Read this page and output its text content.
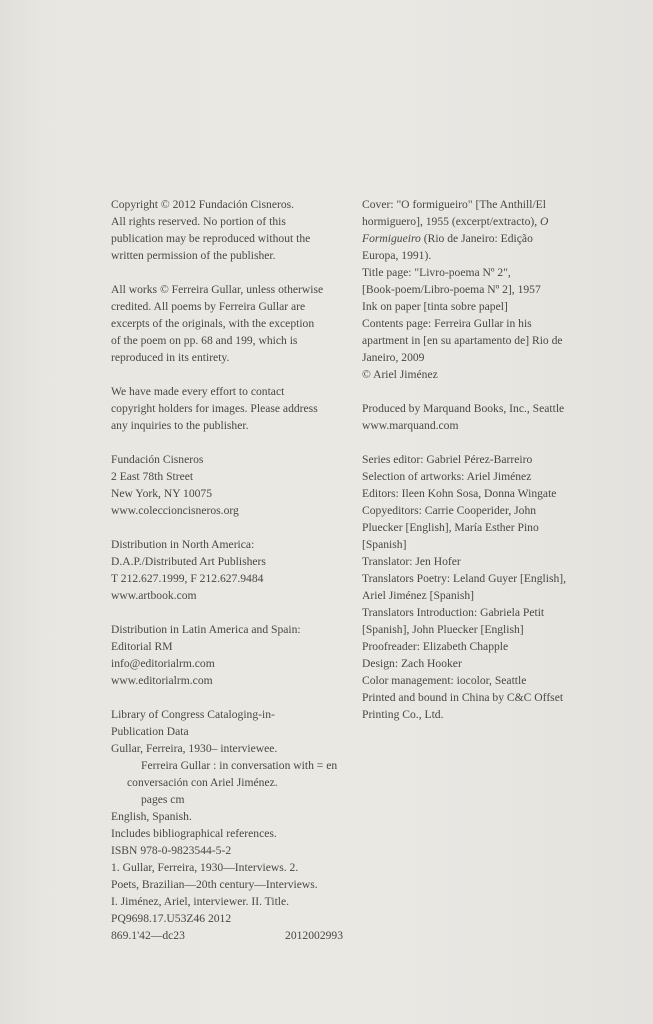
Copyright © 2012 Fundación Cisneros.
All rights reserved. No portion of this
publication may be reproduced without the
written permission of the publisher.
All works © Ferreira Gullar, unless otherwise
credited. All poems by Ferreira Gullar are
excerpts of the originals, with the exception
of the poem on pp. 68 and 199, which is
reproduced in its entirety.
We have made every effort to contact
copyright holders for images. Please address
any inquiries to the publisher.
Fundación Cisneros
2 East 78th Street
New York, NY 10075
www.coleccioncisneros.org
Distribution in North America:
D.A.P./Distributed Art Publishers
T 212.627.1999, F 212.627.9484
www.artbook.com
Distribution in Latin America and Spain:
Editorial RM
info@editorialrm.com
www.editorialrm.com
Library of Congress Cataloging-in-
Publication Data
Gullar, Ferreira, 1930– interviewee.
Ferreira Gullar : in conversation with = en
conversación con Ariel Jiménez.
pages cm
English, Spanish.
Includes bibliographical references.
ISBN 978-0-9823544-5-2
1. Gullar, Ferreira, 1930—Interviews. 2.
Poets, Brazilian—20th century—Interviews.
I. Jiménez, Ariel, interviewer. II. Title.
PQ9698.17.U53Z46 2012
869.1'42—dc23	2012002993
Cover: "O formigueiro" [The Anthill/El
hormiguero], 1955 (excerpt/extracto), O
Formigueiro (Rio de Janeiro: Edição
Europa, 1991).
Title page: "Livro-poema Nº 2",
[Book-poem/Libro-poema Nº 2], 1957
Ink on paper [tinta sobre papel]
Contents page: Ferreira Gullar in his
apartment in [en su apartamento de] Rio de
Janeiro, 2009
© Ariel Jiménez
Produced by Marquand Books, Inc., Seattle
www.marquand.com
Series editor: Gabriel Pérez-Barreiro
Selection of artworks: Ariel Jiménez
Editors: Ileen Kohn Sosa, Donna Wingate
Copyeditors: Carrie Cooperider, John
Pluecker [English], María Esther Pino
[Spanish]
Translator: Jen Hofer
Translators Poetry: Leland Guyer [English],
Ariel Jiménez [Spanish]
Translators Introduction: Gabriela Petit
[Spanish], John Pluecker [English]
Proofreader: Elizabeth Chapple
Design: Zach Hooker
Color management: iocolor, Seattle
Printed and bound in China by C&C Offset
Printing Co., Ltd.
